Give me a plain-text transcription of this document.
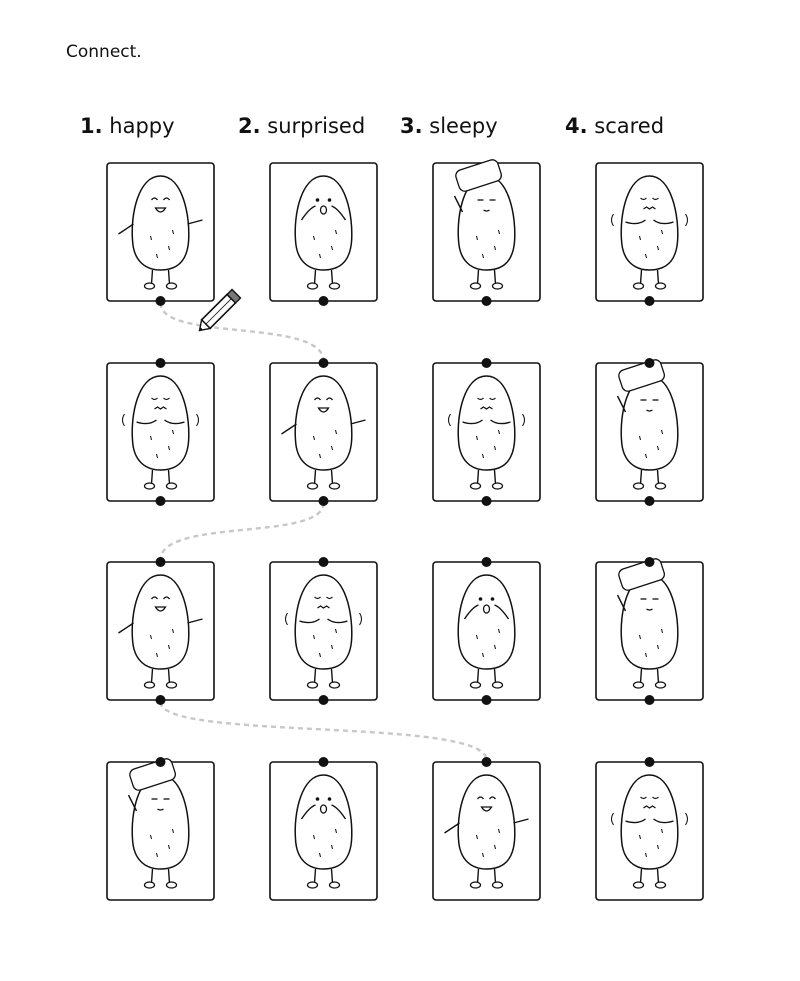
Connect.
1. happy	2. surprised 3. sleepy	4. scared
